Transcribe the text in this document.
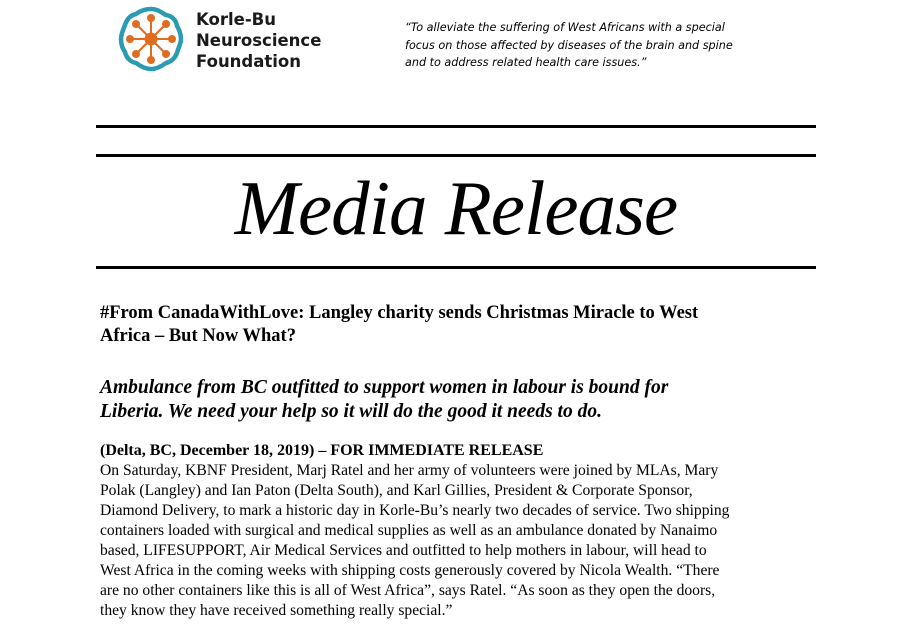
Korle-Bu
Neuroscience
Foundation
“To alleviate the suffering of West Africans with a special
focus on those affected by diseases of the brain and spine
and to address related health care issues.”
Media Release
#From CanadaWithLove: Langley charity sends Christmas Miracle to West
Africa – But Now What?
Ambulance from BC outfitted to support women in labour is bound for
Liberia. We need your help so it will do the good it needs to do.
(Delta, BC, December 18, 2019) – FOR IMMEDIATE RELEASE
On Saturday, KBNF President, Marj Ratel and her army of volunteers were joined by MLAs, Mary
Polak (Langley) and Ian Paton (Delta South), and Karl Gillies, President & Corporate Sponsor,
Diamond Delivery, to mark a historic day in Korle-Bu’s nearly two decades of service. Two shipping
containers loaded with surgical and medical supplies as well as an ambulance donated by Nanaimo
based, LIFESUPPORT, Air Medical Services and outfitted to help mothers in labour, will head to
West Africa in the coming weeks with shipping costs generously covered by Nicola Wealth. “There
are no other containers like this is all of West Africa”, says Ratel. “As soon as they open the doors,
they know they have received something really special.”
